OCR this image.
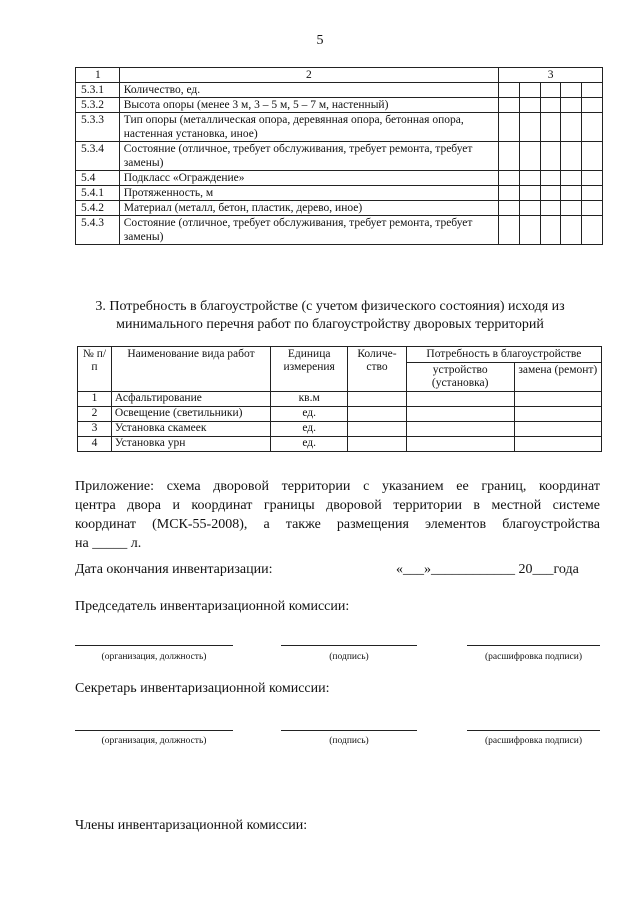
5
1	2	3				
5.3.1	Количество, ед.					
5.3.2	Высота опоры (менее 3 м, 3 – 5 м, 5 – 7 м, настенный)					
5.3.3	Тип опоры (металлическая опора, деревянная опора, бетонная опора, настенная установка, иное)					
5.3.4	Состояние (отличное, требует обслуживания, требует ремонта, требует замены)					
5.4	Подкласс «Ограждение»					
5.4.1	Протяженность, м					
5.4.2	Материал (металл, бетон, пластик, дерево, иное)					
5.4.3	Состояние (отличное, требует обслуживания, требует ремонта, требует замены)					
3. Потребность в благоустройстве (с учетом физического состояния) исходя из минимального перечня работ по благоустройству дворовых территорий
№ п/п	Наименование вида работ	Единица измерения	Количе-ство	Потребность в благоустройстве	
				устройство (установка)	замена (ремонт)
1	Асфальтирование	кв.м			
2	Освещение (светильники)	ед.			
3	Установка скамеек	ед.			
4	Установка урн	ед.			
Приложение: схема дворовой территории с указанием ее границ, координат
центра двора и координат границы дворовой территории в местной системе
координат (МСК-55-2008), а также размещения элементов благоустройства
на _____ л.
Дата окончания инвентаризации:	«___»____________ 20___года
Председатель инвентаризационной комиссии:
(организация, должность)	(подпись)	(расшифровка подписи)
Секретарь инвентаризационной комиссии:
(организация, должность)	(подпись)	(расшифровка подписи)
Члены инвентаризационной комиссии:
